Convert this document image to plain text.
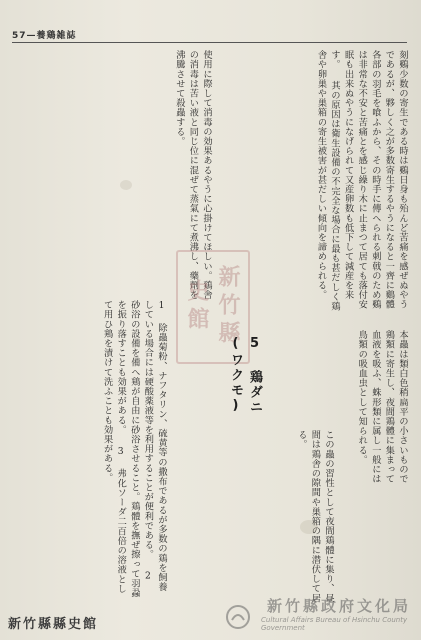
57—養鶏雑誌
刻鷄少数の寄生である時は鷄日身も殆んど苦痛を感ぜぬやうであるが、夥しく之が多数寄生するやうになると一齊に鷄體各部の羽毛を喰ふから、その時手に傳へられる刺戟のため鷄は非常な不安と苦痛とを感じ繰り木に止まつて居ても落付安眠も出来ぬやうになげられて又産卵数も低下して減産を来す。 其の原因は衛生設備の不完全な場合に最も甚だしく鶏舎や卵巣や巣箱の寄生被害が甚だしい傾向を諦められる。
使用に際して消毒の効果あるやうに心掛けてほしい。鶏舎の消毒は苦い液と同じ位に混ぜて蒸氣にて煮沸し、藥劑を沸騰させて殺蟲する。
新竹縣史館
5 鶏ダニ(ワクモ)	本蟲は類白色稍扁平の小さいもので鶏類に寄生し、夜間鶏體に集まって血液を吸ふ、蛛形類に属し一般には鳥類の吸血虫として知られる。
この蟲の習性として夜間鶏體に集り、昼間は鶏舎の隙間や巣箱の隅に潜伏して居る。
1 除蟲菊粉、ナフタリン、硫黄等の撒布であるが多数の鶏を飼養している場合には硬酸薬液等を利用することが便利である。 2 砂浴の設備を備へ鶏が自由に砂浴させること。鶏體を撫ぜ擦って羽蝨を振り落すことも効果がある。 3 弗化ソーダ二百倍の溶液として用ひ鶏を漬けて洗ふことも効果がある。
新竹縣縣史館
新竹縣政府文化局
Cultural Affairs Bureau of Hsinchu County Government
